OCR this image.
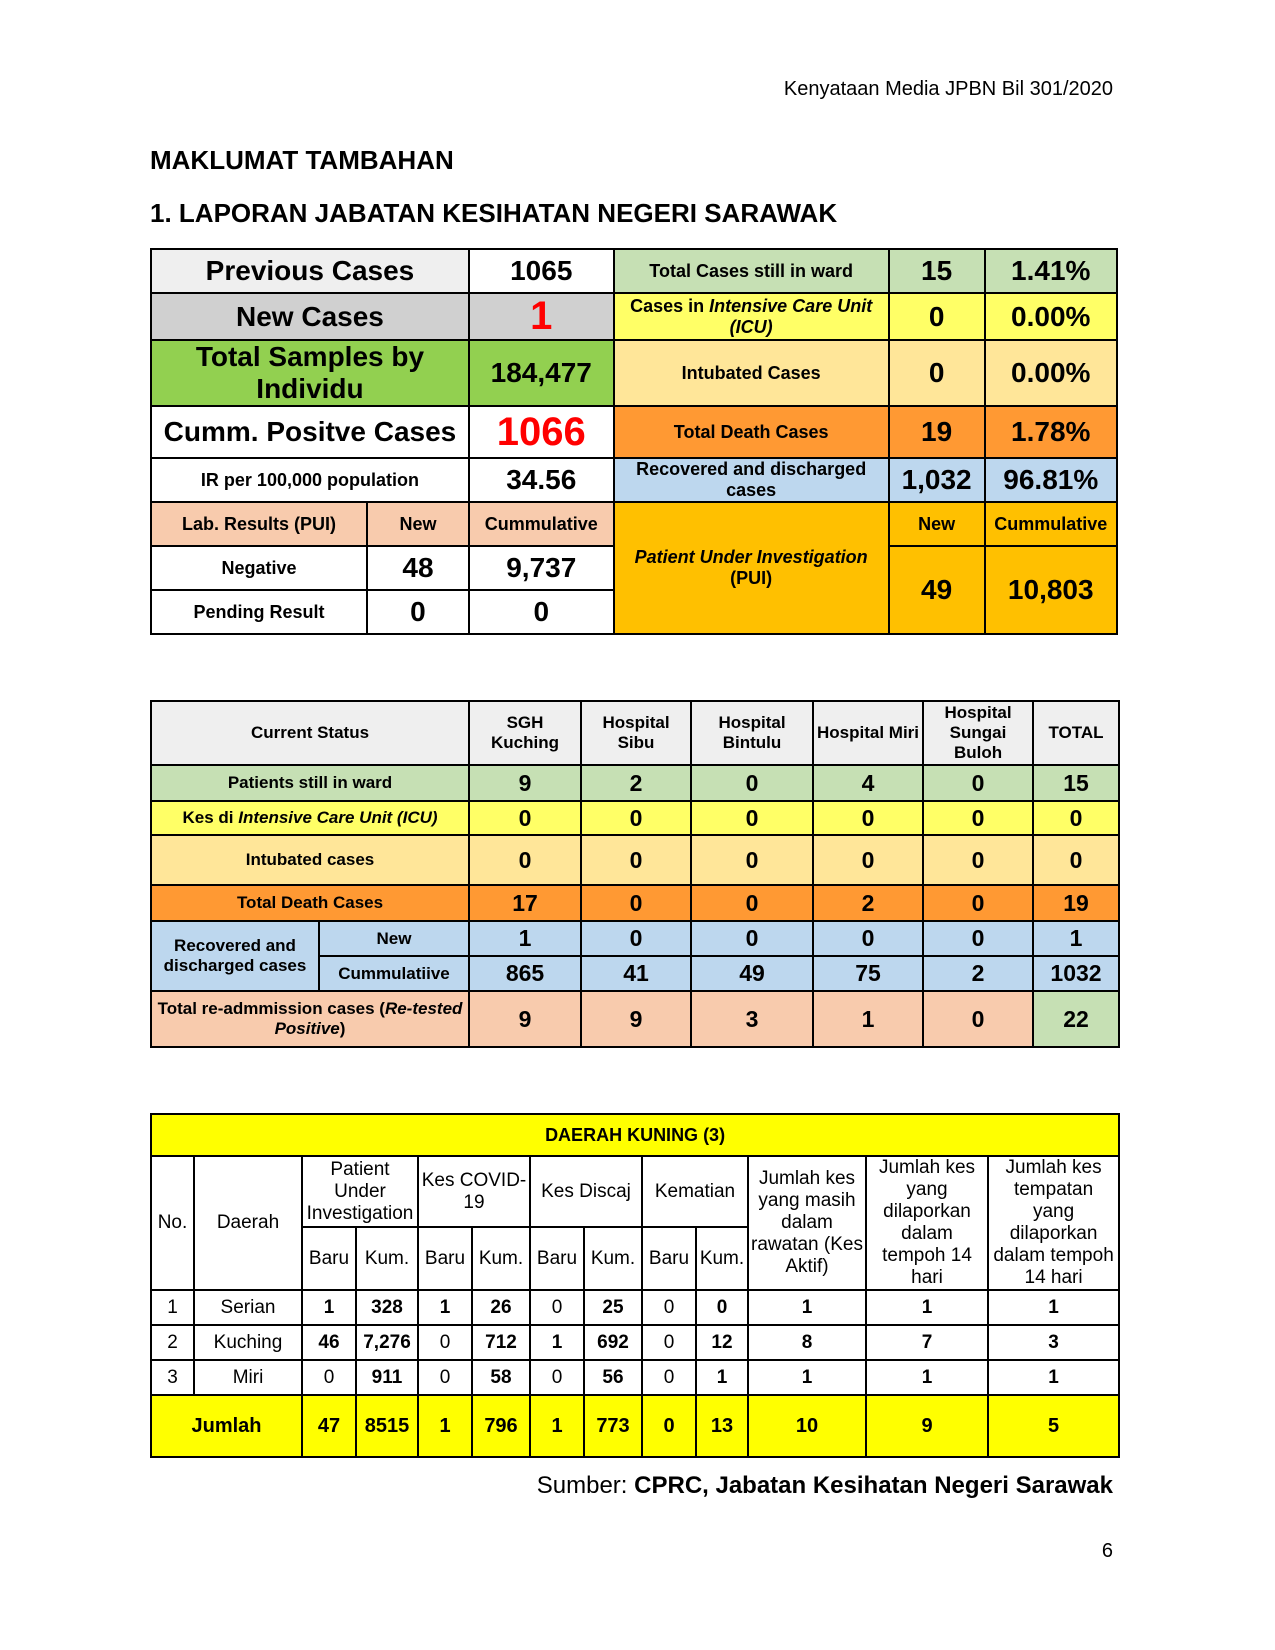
Kenyataan Media JPBN Bil 301/2020
MAKLUMAT TAMBAHAN
1. LAPORAN JABATAN KESIHATAN NEGERI SARAWAK
Previous Cases		1065	Total Cases still in ward	15	1.41%
New Cases		1	Cases in Intensive Care Unit (ICU)	0	0.00%
Total Samples by Individu		184,477	Intubated Cases	0	0.00%
Cumm. Positve Cases		1066	Total Death Cases	19	1.78%
IR per 100,000 population		34.56	Recovered and discharged cases	1,032	96.81%
Lab. Results (PUI)	New	Cummulative	Patient Under Investigation (PUI)	New	Cummulative
Negative	48	9,737		49	10,803
Pending Result	0	0			
Current Status		SGH Kuching	Hospital Sibu	Hospital Bintulu	Hospital Miri	Hospital Sungai Buloh	TOTAL
Patients still in ward		9	2	0	4	0	15
Kes di Intensive Care Unit (ICU)		0	0	0	0	0	0
Intubated cases		0	0	0	0	0	0
Total Death Cases		17	0	0	2	0	19
Recovered and discharged cases	New	1	0	0	0	0	1
	Cummulatiive	865	41	49	75	2	1032
Total re-admmission cases (Re-tested Positive)		9	9	3	1	0	22
DAERAH KUNING (3)												
No.	Daerah	Patient Under Investigation		Kes COVID-19		Kes Discaj		Kematian		Jumlah kes yang masih dalam rawatan (Kes Aktif)	Jumlah kes yang dilaporkan dalam tempoh 14 hari	Jumlah kes tempatan yang dilaporkan dalam tempoh 14 hari
		Baru	Kum.	Baru	Kum.	Baru	Kum.	Baru	Kum.			
1	Serian	1	328	1	26	0	25	0	0	1	1	1
2	Kuching	46	7,276	0	712	1	692	0	12	8	7	3
3	Miri	0	911	0	58	0	56	0	1	1	1	1
Jumlah		47	8515	1	796	1	773	0	13	10	9	5
Sumber: CPRC, Jabatan Kesihatan Negeri Sarawak
6
